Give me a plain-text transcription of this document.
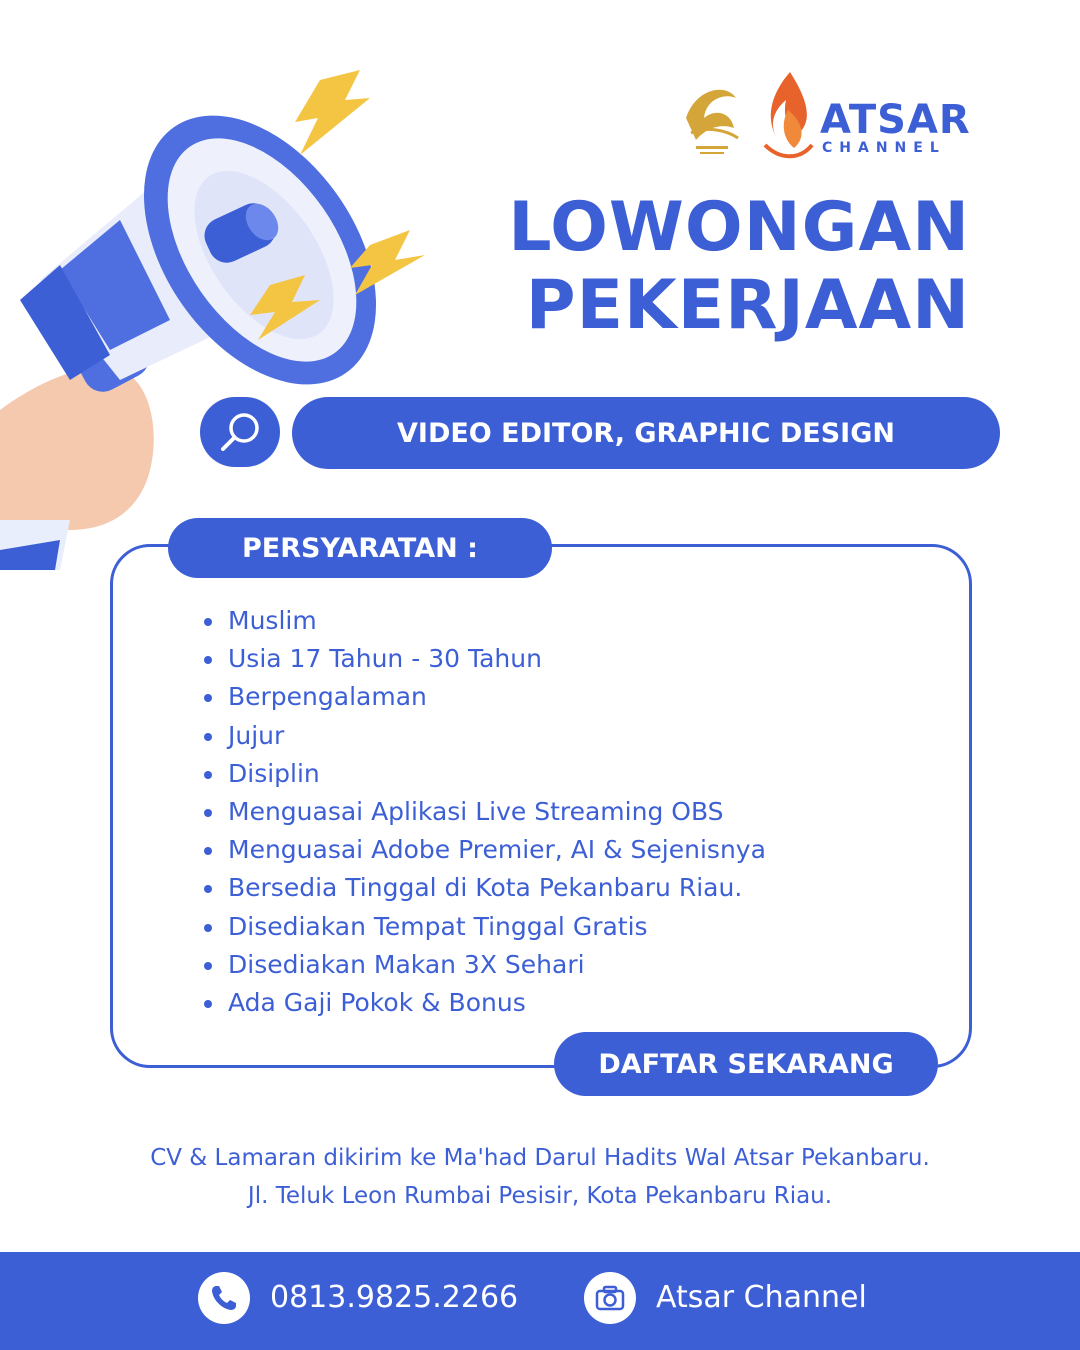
ATSAR
CHANNEL
LOWONGAN
PEKERJAAN
VIDEO EDITOR, GRAPHIC DESIGN
PERSYARATAN :
Muslim
Usia 17 Tahun - 30 Tahun
Berpengalaman
Jujur
Disiplin
Menguasai Aplikasi Live Streaming OBS
Menguasai Adobe Premier, AI & Sejenisnya
Bersedia Tinggal di Kota Pekanbaru Riau.
Disediakan Tempat Tinggal Gratis
Disediakan Makan 3X Sehari
Ada Gaji Pokok & Bonus
DAFTAR SEKARANG
CV & Lamaran dikirim ke Ma'had Darul Hadits Wal Atsar Pekanbaru.
Jl. Teluk Leon Rumbai Pesisir, Kota Pekanbaru Riau.
0813.9825.2266	Atsar Channel
